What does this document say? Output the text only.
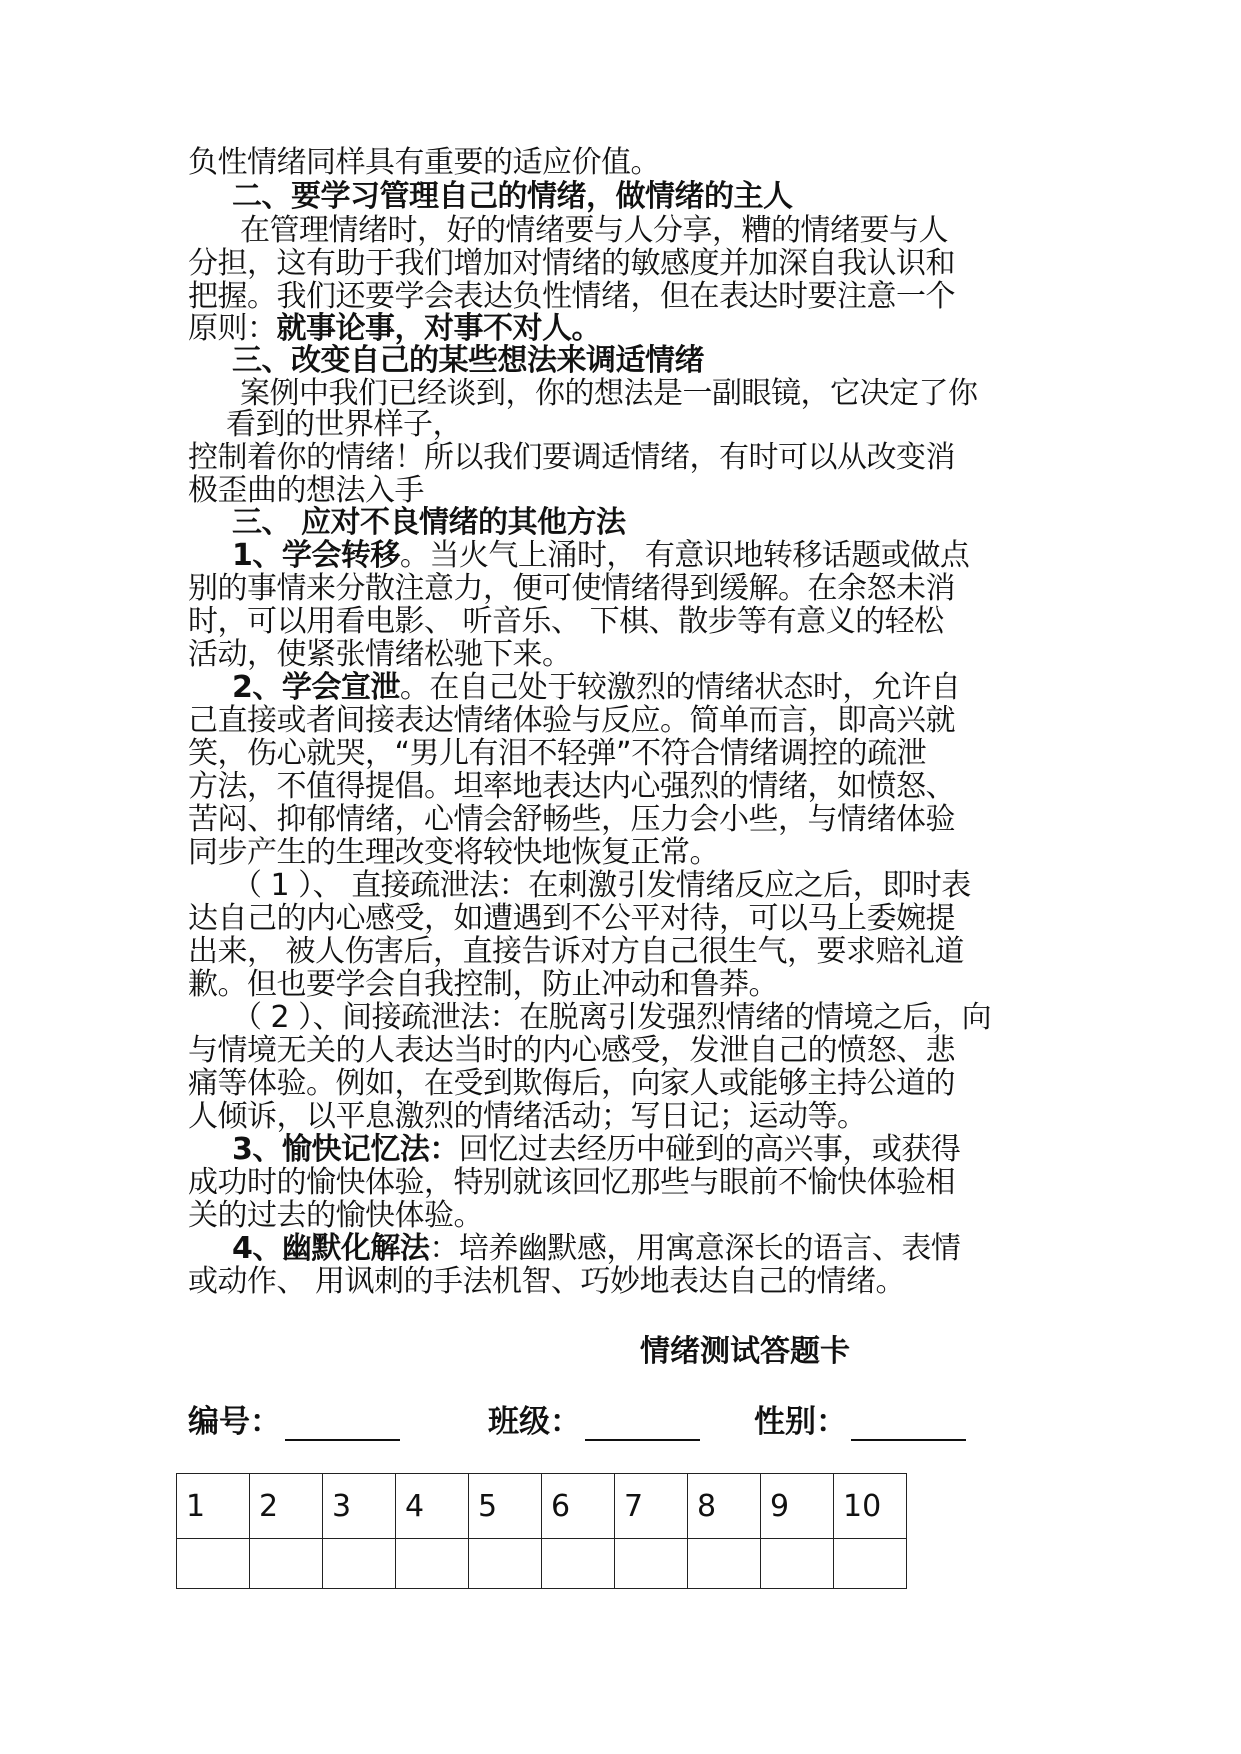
负性情绪同样具有重要的适应价值。
二、要学习管理自己的情绪，做情绪的主人
在管理情绪时，好的情绪要与人分享，糟的情绪要与人
分担，这有助于我们增加对情绪的敏感度并加深自我认识和
把握。我们还要学会表达负性情绪，但在表达时要注意一个
原则：就事论事，对事不对人。
三、改变自己的某些想法来调适情绪
案例中我们已经谈到，你的想法是一副眼镜，它决定了你
看到的世界样子，
控制着你的情绪！所以我们要调适情绪，有时可以从改变消
极歪曲的想法入手
三、 应对不良情绪的其他方法
1、学会转移。当火气上涌时， 有意识地转移话题或做点
别的事情来分散注意力，便可使情绪得到缓解。在余怒未消
时，可以用看电影、 听音乐、 下棋、散步等有意义的轻松
活动，使紧张情绪松驰下来。
2、学会宣泄。在自己处于较激烈的情绪状态时，允许自
己直接或者间接表达情绪体验与反应。简单而言，即高兴就
笑，伤心就哭，“男儿有泪不轻弹”不符合情绪调控的疏泄
方法，不值得提倡。坦率地表达内心强烈的情绪，如愤怒、
苦闷、抑郁情绪，心情会舒畅些，压力会小些，与情绪体验
同步产生的生理改变将较快地恢复正常。
（ 1 ）、 直接疏泄法：在刺激引发情绪反应之后，即时表
达自己的内心感受，如遭遇到不公平对待，可以马上委婉提
出来， 被人伤害后，直接告诉对方自己很生气，要求赔礼道
歉。但也要学会自我控制，防止冲动和鲁莽。
（ 2 ）、间接疏泄法：在脱离引发强烈情绪的情境之后，向
与情境无关的人表达当时的内心感受，发泄自己的愤怒、悲
痛等体验。例如，在受到欺侮后，向家人或能够主持公道的
人倾诉，以平息激烈的情绪活动；写日记；运动等。
3、愉快记忆法：回忆过去经历中碰到的高兴事，或获得
成功时的愉快体验，特别就该回忆那些与眼前不愉快体验相
关的过去的愉快体验。
4、幽默化解法：培养幽默感，用寓意深长的语言、表情
或动作、 用讽刺的手法机智、巧妙地表达自己的情绪。
情绪测试答题卡
编号：	班级：	性别：
1	2	3	4	5	6	7	8	9	10
